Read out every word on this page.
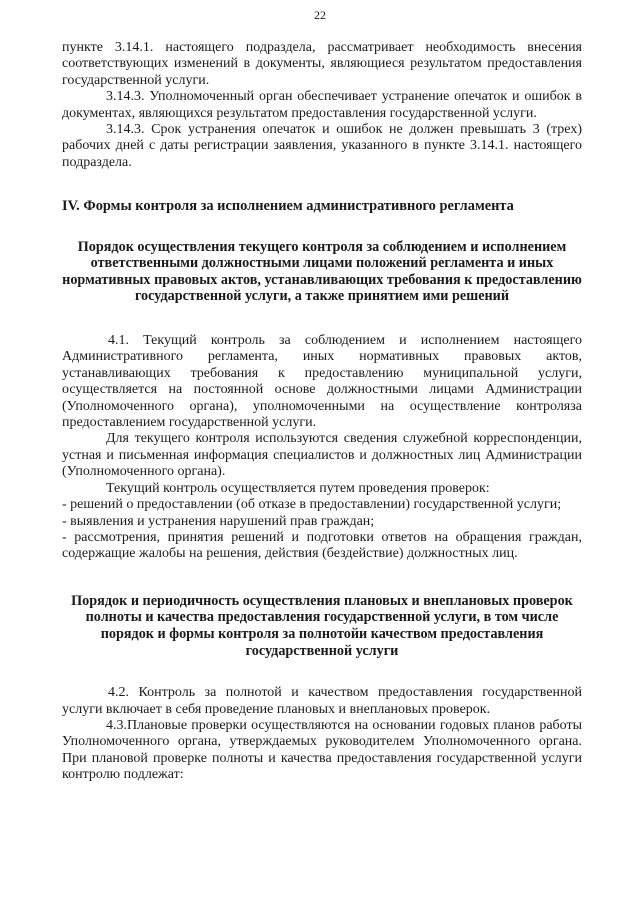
22

пункте 3.14.1. настоящего подраздела, рассматривает необходимость внесения соответствующих изменений в документы, являющиеся результатом предоставления государственной услуги.

3.14.3. Уполномоченный орган обеспечивает устранение опечаток и ошибок в документах, являющихся результатом предоставления государственной услуги.

3.14.3. Срок устранения опечаток и ошибок не должен превышать 3 (трех) рабочих дней с даты регистрации заявления, указанного в пункте 3.14.1. настоящего подраздела.

IV. Формы контроля за исполнением административного регламента

Порядок осуществления текущего контроля за соблюдением и исполнением ответственными должностными лицами положений регламента и иных нормативных правовых актов, устанавливающих требования к предоставлению государственной услуги, а также принятием ими решений

4.1. Текущий контроль за соблюдением и исполнением настоящего Административного регламента, иных нормативных правовых актов, устанавливающих требования к предоставлению муниципальной услуги, осуществляется на постоянной основе должностными лицами Администрации (Уполномоченного органа), уполномоченными на осуществление контроляза предоставлением государственной услуги.

Для текущего контроля используются сведения служебной корреспонденции, устная и письменная информация специалистов и должностных лиц Администрации (Уполномоченного органа).

Текущий контроль осуществляется путем проведения проверок:

- решений о предоставлении (об отказе в предоставлении) государственной услуги;

- выявления и устранения нарушений прав граждан;

- рассмотрения, принятия решений и подготовки ответов на обращения граждан, содержащие жалобы на решения, действия (бездействие) должностных лиц.

Порядок и периодичность осуществления плановых и внеплановых проверок полноты и качества предоставления государственной услуги, в том числе порядок и формы контроля за полнотойи качеством предоставления государственной услуги

4.2. Контроль за полнотой и качеством предоставления государственной услуги включает в себя проведение плановых и внеплановых проверок.

4.3.Плановые проверки осуществляются на основании годовых планов работы Уполномоченного органа, утверждаемых руководителем Уполномоченного органа. При плановой проверке полноты и качества предоставления государственной услуги контролю подлежат:
